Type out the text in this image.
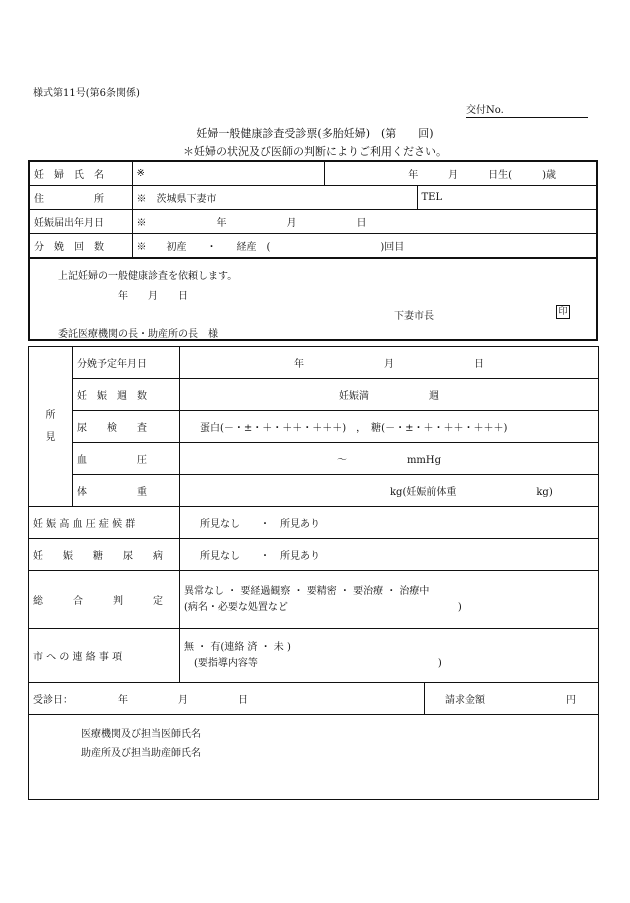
様式第11号(第6条関係)
交付No.
妊婦一般健康診査受診票(多胎妊婦)　(第　　回)
＊妊婦の状況及び医師の判断によりご利用ください。
妊　婦　氏　名	※	年　　　月　　　日生(　　　)歳	
住　　　　　所	※　茨城県下妻市		TEL
妊娠届出年月日	※　　　　　　　年　　　　　　月　　　　　　日		
分　娩　回　数	※　　初産　　・　　経産　(　　　　　　　　　　　)回目		
上記妊婦の一般健康診査を依頼します。
年　　月　　日
下妻市長	印
委託医療機関の長・助産所の長　様
所
見	分娩予定年月日	年　　　　　　　　月　　　　　　　　日	
	妊　娠　週　数	妊娠満　　　　　　週	
	尿　　検　　査	蛋白(－・±・＋・＋＋・＋＋＋)　，　糖(－・±・＋・＋＋・＋＋＋)	
	血　　　　　圧	～　　　　　　mmHg	
	体　　　　　重	kg(妊娠前体重　　　　　　　　kg)	
妊 娠 高 血 圧 症 候 群		所見なし　　・　所見あり	
妊　　娠　　糖　　尿　　病		所見なし　　・　所見あり	
総　　　合　　　判　　　定		異常なし ・ 要経過観察 ・ 要精密 ・ 要治療 ・ 治療中
(病名・必要な処置など　　　　　　　　　　　　　　　　　)	

市 へ の 連 絡 事 項		無 ・ 有(連絡 済 ・ 未 )
　(要指導内容等　　　　　　　　　　　　　　　　　　)	

受診日：　　　　　年　　　　　月　　　　　日			請求金額 円

医療機関及び担当医師氏名
助産所及び担当助産師氏名			
